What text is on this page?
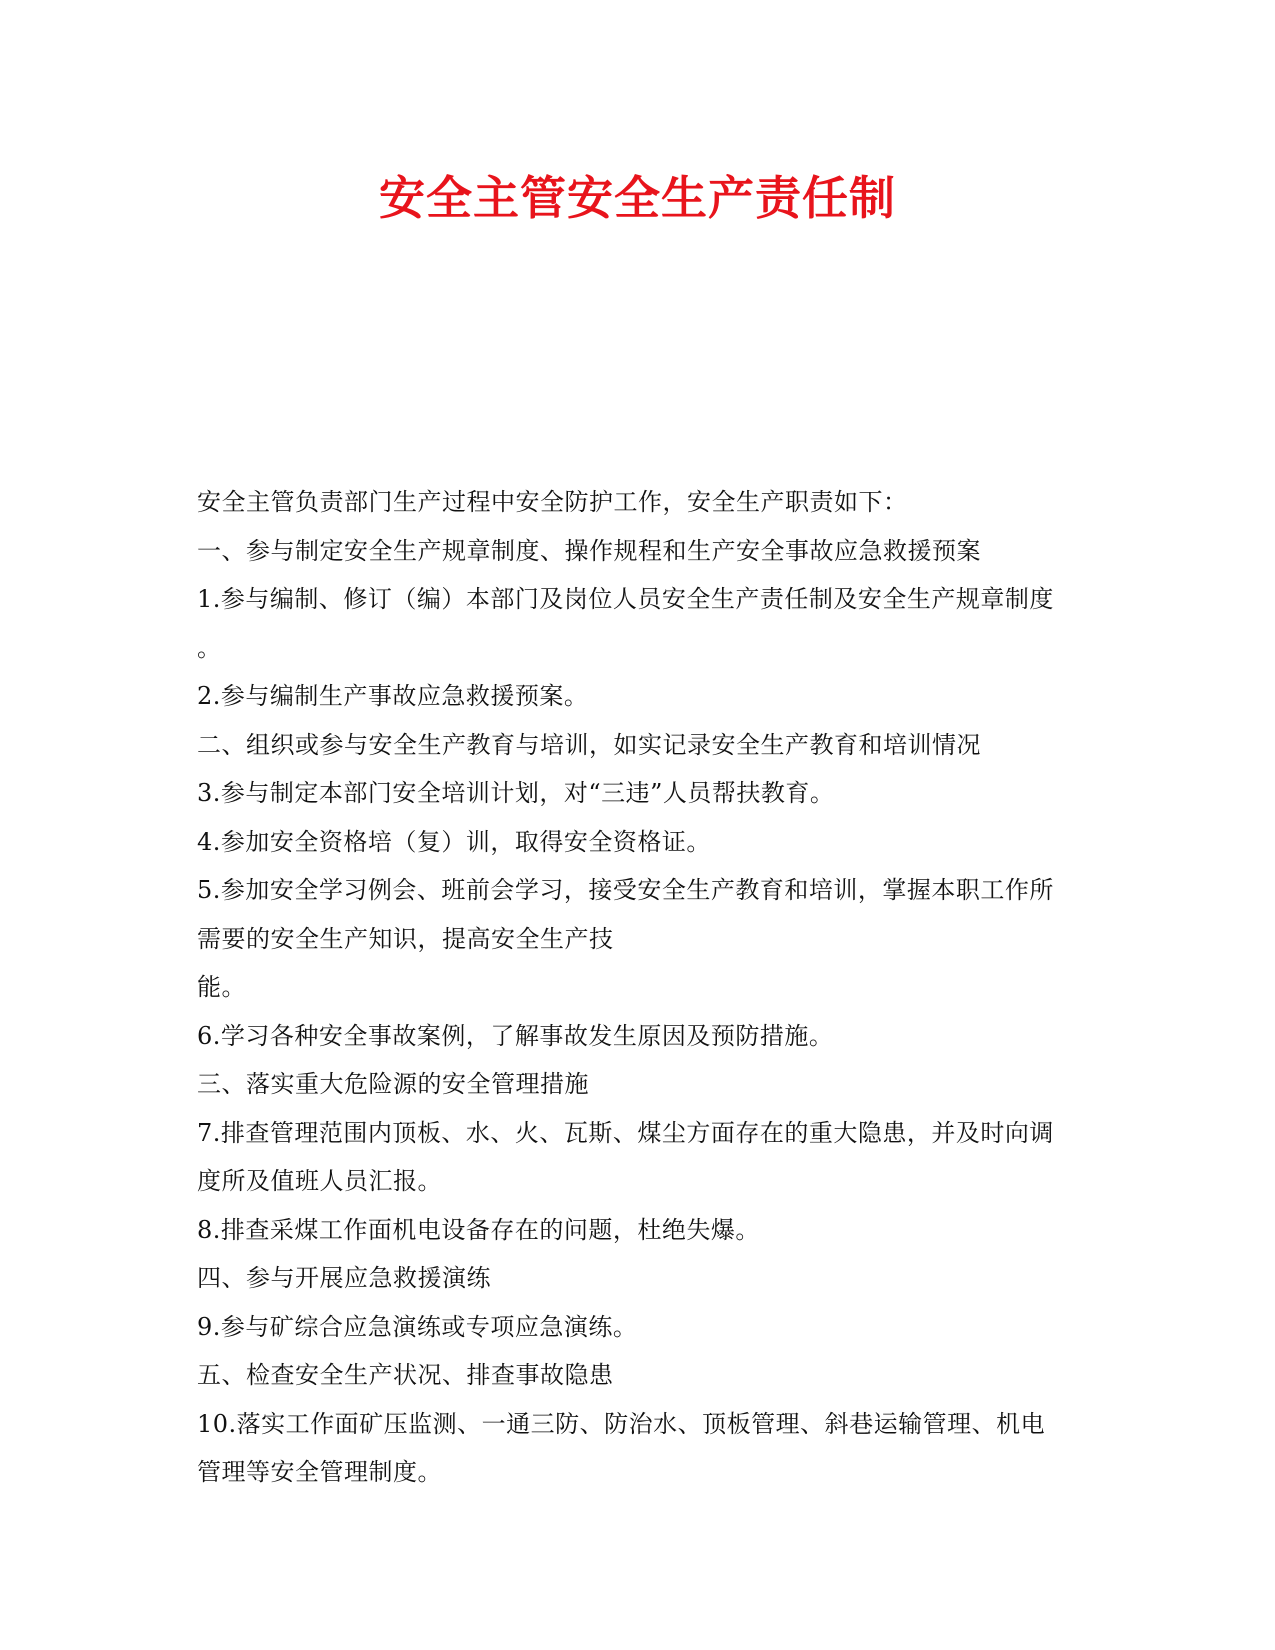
安全主管安全生产责任制
安全主管负责部门生产过程中安全防护工作，安全生产职责如下：
一、参与制定安全生产规章制度、操作规程和生产安全事故应急救援预案
1.参与编制、修订（编）本部门及岗位人员安全生产责任制及安全生产规章制度
。
2.参与编制生产事故应急救援预案。
二、组织或参与安全生产教育与培训，如实记录安全生产教育和培训情况
3.参与制定本部门安全培训计划，对“三违”人员帮扶教育。
4.参加安全资格培（复）训，取得安全资格证。
5.参加安全学习例会、班前会学习，接受安全生产教育和培训，掌握本职工作所
需要的安全生产知识，提高安全生产技
能。
6.学习各种安全事故案例，了解事故发生原因及预防措施。
三、落实重大危险源的安全管理措施
7.排查管理范围内顶板、水、火、瓦斯、煤尘方面存在的重大隐患，并及时向调
度所及值班人员汇报。
8.排查采煤工作面机电设备存在的问题，杜绝失爆。
四、参与开展应急救援演练
9.参与矿综合应急演练或专项应急演练。
五、检查安全生产状况、排查事故隐患
10.落实工作面矿压监测、一通三防、防治水、顶板管理、斜巷运输管理、机电
管理等安全管理制度。
